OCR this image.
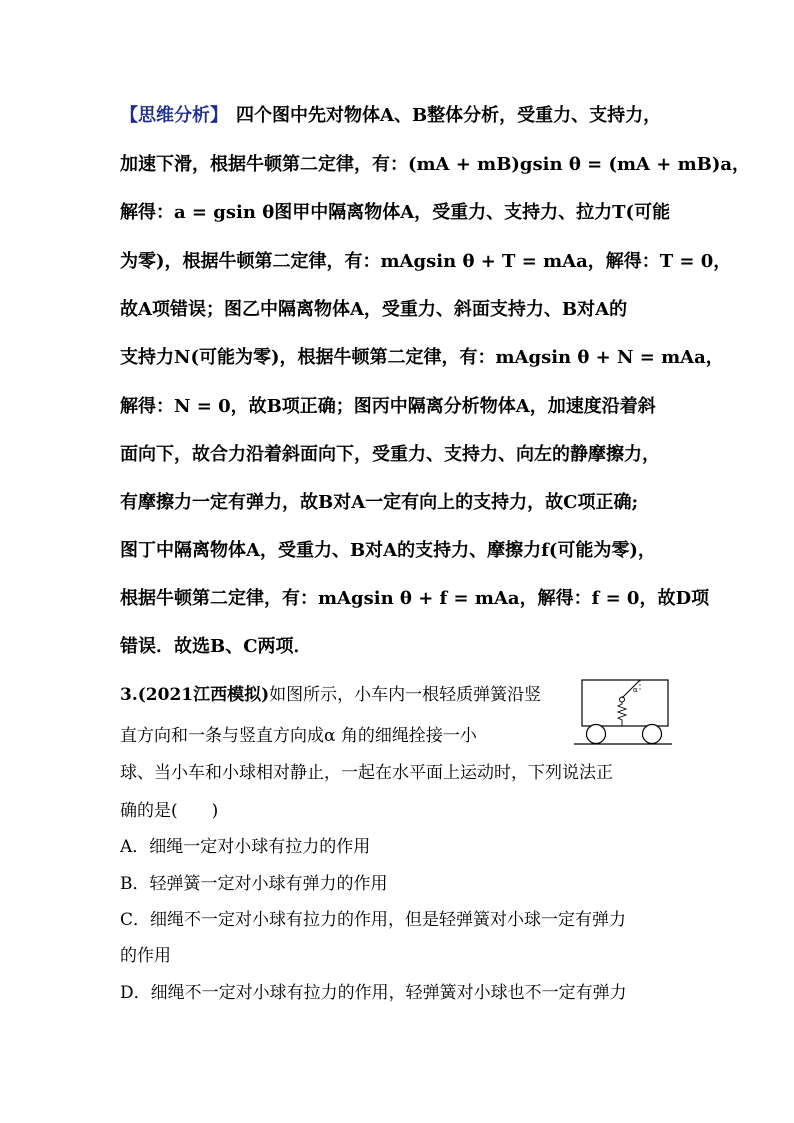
【思维分析】 四个图中先对物体A、B整体分析，受重力、支持力，
加速下滑，根据牛顿第二定律，有：(mA + mB)gsin θ = (mA + mB)a，
解得：a = gsin θ图甲中隔离物体A，受重力、支持力、拉力T(可能
为零)，根据牛顿第二定律，有：mAgsin θ + T = mAa，解得：T = 0，
故A项错误；图乙中隔离物体A，受重力、斜面支持力、B对A的
支持力N(可能为零)，根据牛顿第二定律，有：mAgsin θ + N = mAa，
解得：N = 0，故B项正确；图丙中隔离分析物体A，加速度沿着斜
面向下，故合力沿着斜面向下，受重力、支持力、向左的静摩擦力，
有摩擦力一定有弹力，故B对A一定有向上的支持力，故C项正确;
图丁中隔离物体A，受重力、B对A的支持力、摩擦力f(可能为零)，
根据牛顿第二定律，有：mAgsin θ + f = mAa，解得：f = 0，故D项
错误．故选B、C两项．
3.(2021江西模拟)如图所示，小车内一根轻质弹簧沿竖
直方向和一条与竖直方向成α 角的细绳拴接一小
球、当小车和小球相对静止，一起在水平面上运动时，下列说法正
确的是(　　)
α
A．细绳一定对小球有拉力的作用
B．轻弹簧一定对小球有弹力的作用
C．细绳不一定对小球有拉力的作用，但是轻弹簧对小球一定有弹力
的作用
D．细绳不一定对小球有拉力的作用，轻弹簧对小球也不一定有弹力
